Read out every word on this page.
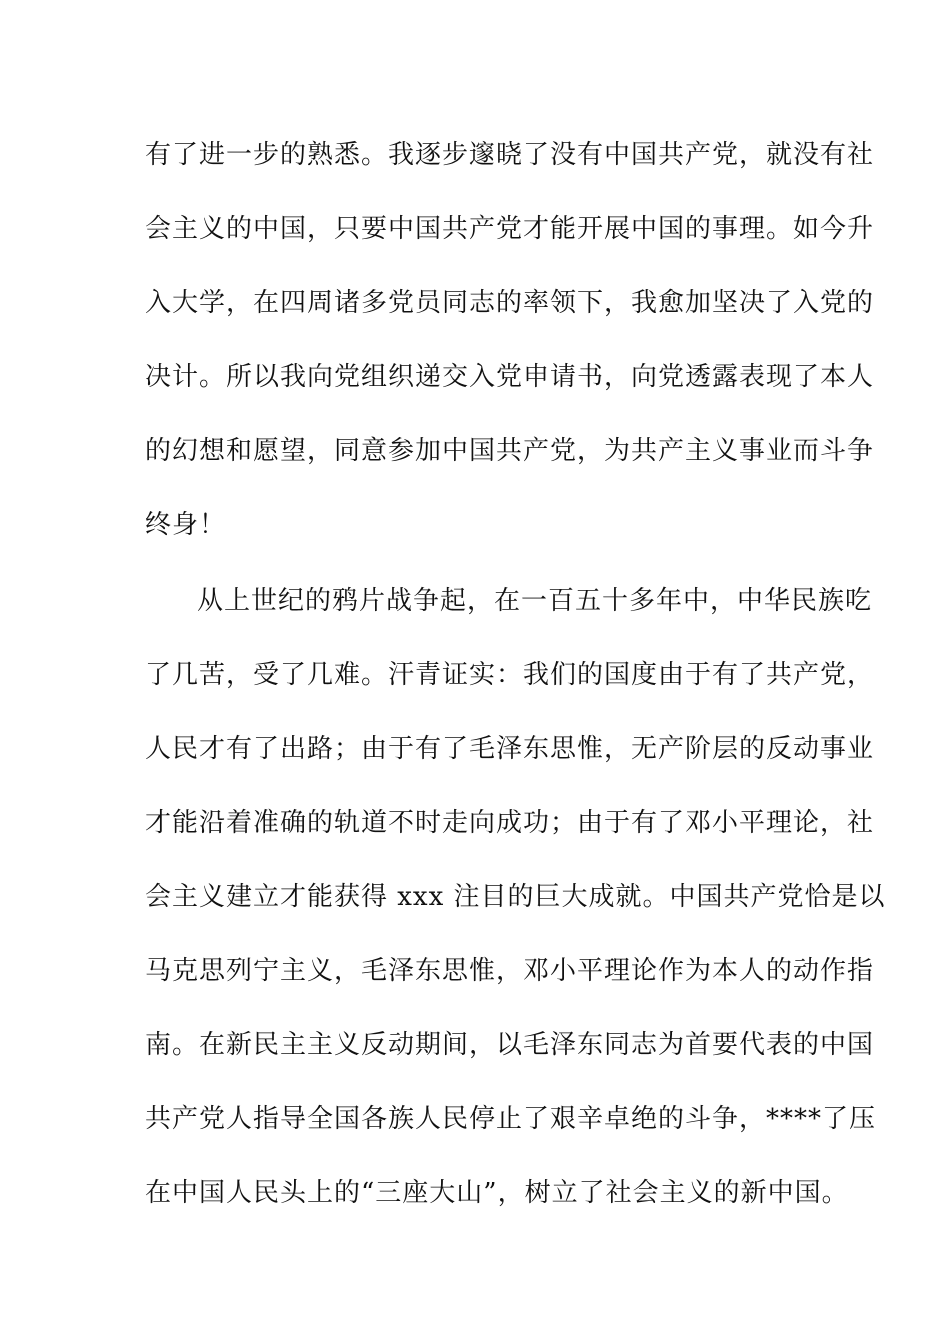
有了进一步的熟悉。我逐步邃晓了没有中国共产党，就没有社
会主义的中国，只要中国共产党才能开展中国的事理。如今升
入大学，在四周诸多党员同志的率领下，我愈加坚决了入党的
决计。所以我向党组织递交入党申请书，向党透露表现了本人
的幻想和愿望，同意参加中国共产党，为共产主义事业而斗争
终身！
从上世纪的鸦片战争起，在一百五十多年中，中华民族吃
了几苦，受了几难。汗青证实：我们的国度由于有了共产党，
人民才有了出路；由于有了毛泽东思惟，无产阶层的反动事业
才能沿着准确的轨道不时走向成功；由于有了邓小平理论，社
会主义建立才能获得 xxx 注目的巨大成就。中国共产党恰是以
马克思列宁主义，毛泽东思惟，邓小平理论作为本人的动作指
南。在新民主主义反动期间，以毛泽东同志为首要代表的中国
共产党人指导全国各族人民停止了艰辛卓绝的斗争，****了压
在中国人民头上的“三座大山”，树立了社会主义的新中国。
